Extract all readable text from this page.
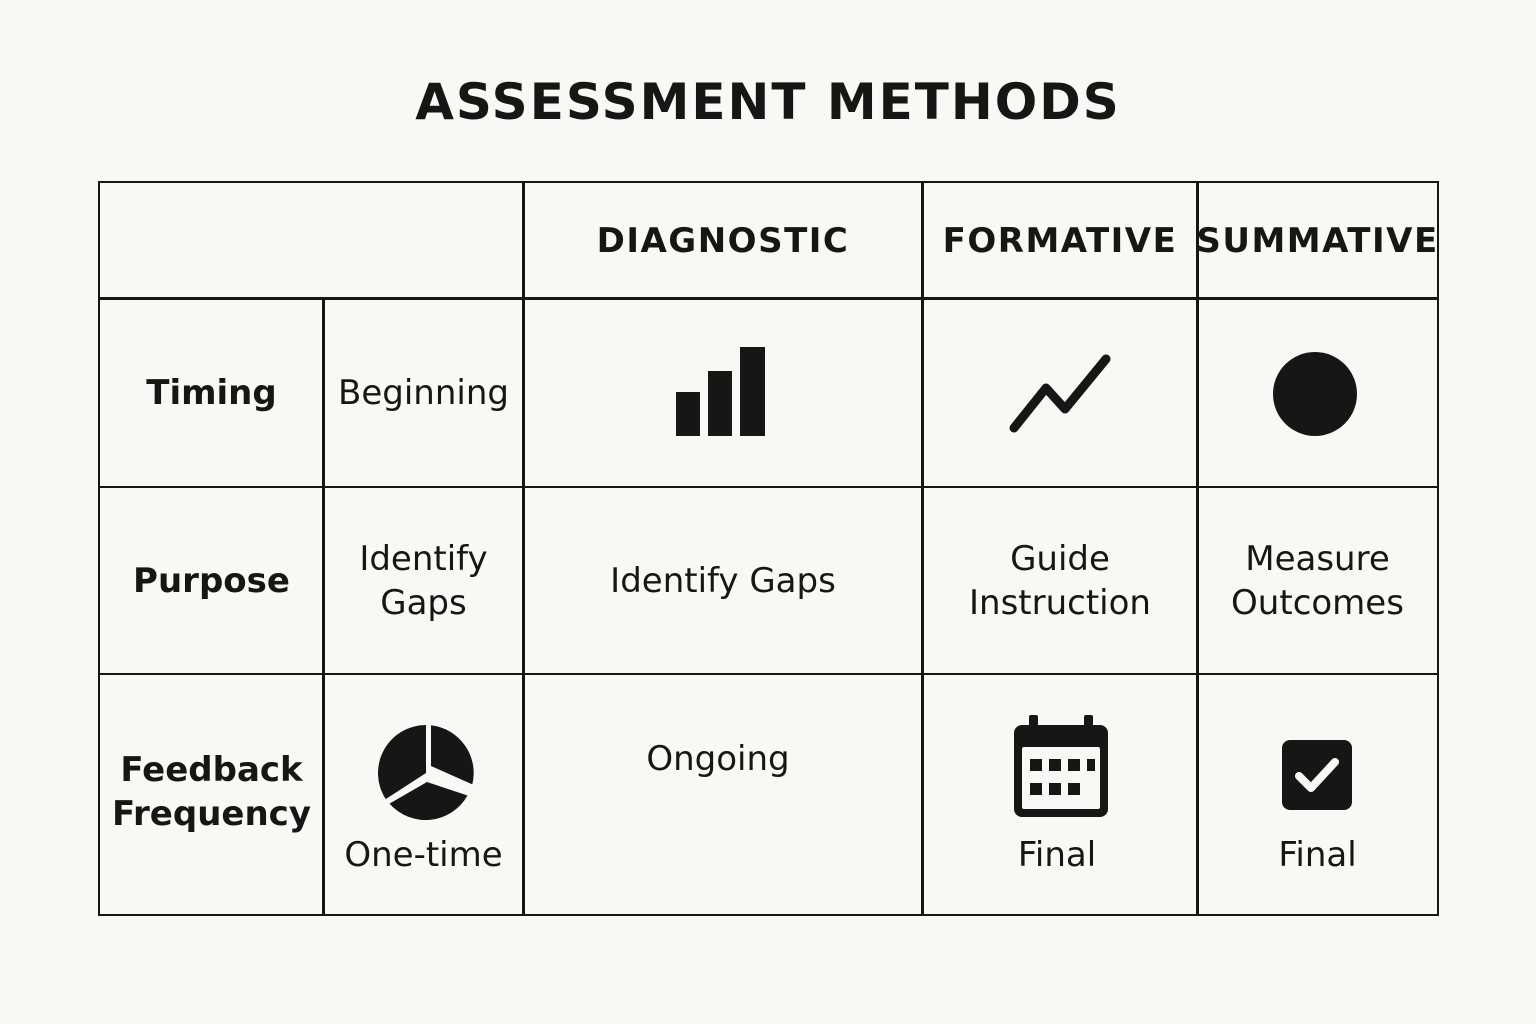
ASSESSMENT METHODS
DIAGNOSTIC	FORMATIVE SUMMATIVE
Timing Beginning
Purpose
Identify Gaps
Identify Gaps
Guide Instruction
Measure Outcomes
Feedback Frequency
One-time
Ongoing
Final	Final
